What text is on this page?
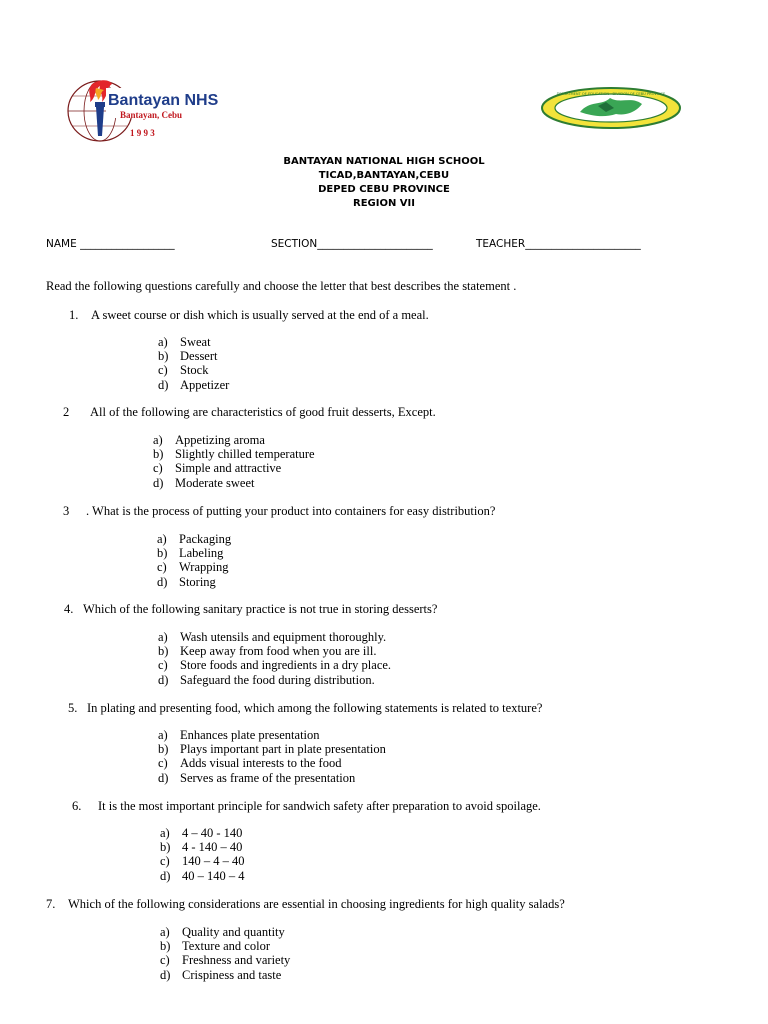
Bantayan NHS
Bantayan, Cebu
1 9 9 3
DEPARTMENT OF EDUCATION · DIVISION OF CEBU PROVINCE
BANTAYAN NATIONAL HIGH SCHOOL
TICAD,BANTAYAN,CEBU
DEPED CEBU PROVINCE
REGION VII
NAME __________________	SECTION______________________	TEACHER______________________
Read the following questions carefully and choose the letter that best describes the statement .
1. A sweet course or dish which is usually served at the end of a meal.
a) Sweat
b) Dessert
c) Stock
d) Appetizer
2 All of the following are characteristics of good fruit desserts, Except.
a) Appetizing aroma
b) Slightly chilled temperature
c) Simple and attractive
d) Moderate sweet
3 . What is the process of putting your product into containers for easy distribution?
a) Packaging
b) Labeling
c) Wrapping
d) Storing
4. Which of the following sanitary practice is not true in storing desserts?
a) Wash utensils and equipment thoroughly.
b) Keep away from food when you are ill.
c) Store foods and ingredients in a dry place.
d) Safeguard the food during distribution.
5. In plating and presenting food, which among the following statements is related to texture?
a) Enhances plate presentation
b) Plays important part in plate presentation
c) Adds visual interests to the food
d) Serves as frame of the presentation
6. It is the most important principle for sandwich safety after preparation to avoid spoilage.
a) 4 – 40 - 140
b) 4 - 140 – 40
c) 140 – 4 – 40
d) 40 – 140 – 4
7. Which of the following considerations are essential in choosing ingredients for high quality salads?
a) Quality and quantity
b) Texture and color
c) Freshness and variety
d) Crispiness and taste
